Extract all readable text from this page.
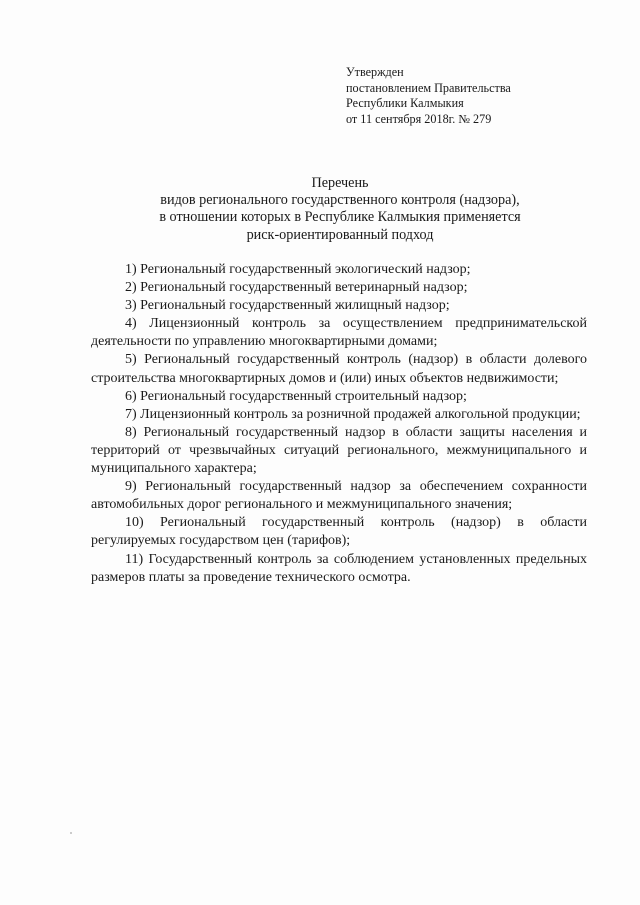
Утвержден
постановлением Правительства
Республики Калмыкия
от 11 сентября 2018г. № 279
Перечень
видов регионального государственного контроля (надзора),
в отношении которых в Республике Калмыкия применяется
риск-ориентированный подход

1) Региональный государственный экологический надзор;

2) Региональный государственный ветеринарный надзор;

3) Региональный государственный жилищный надзор;

4) Лицензионный контроль за осуществлением предпринимательской деятельности по управлению многоквартирными домами;

5) Региональный государственный контроль (надзор) в области долевого строительства многоквартирных домов и (или) иных объектов недвижимости;

6) Региональный государственный строительный надзор;

7) Лицензионный контроль за розничной продажей алкогольной продукции;

8) Региональный государственный надзор в области защиты населения и территорий от чрезвычайных ситуаций регионального, межмуниципального и муниципального характера;

9) Региональный государственный надзор за обеспечением сохранности автомобильных дорог регионального и межмуниципального значения;

10) Региональный государственный контроль (надзор) в области регулируемых государством цен (тарифов);

11) Государственный контроль за соблюдением установленных предельных размеров платы за проведение технического осмотра.
